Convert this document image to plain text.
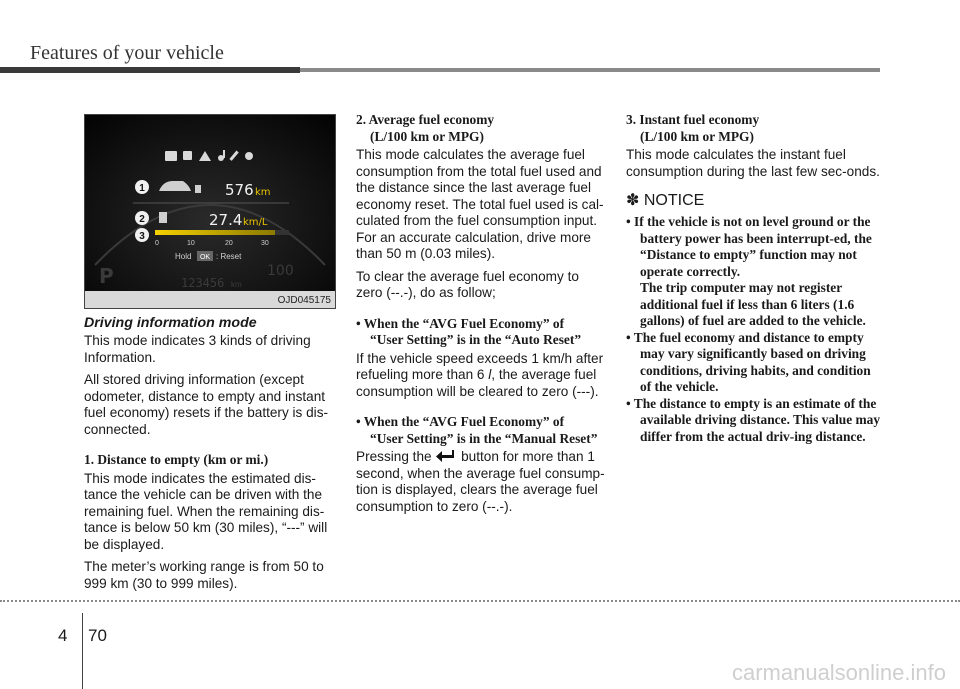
Features of your vehicle
1	576 km
2	27.4 km/L
3
0	10	20	30
Hold OK : Reset
P	123456 km
100
OJD045175

Driving information mode

This mode indicates 3 kinds of driving Information.

All stored driving information (except odometer, distance to empty and instant fuel economy) resets if the battery is dis-connected.

1. Distance to empty (km or mi.)

This mode indicates the estimated dis-tance the vehicle can be driven with the remaining fuel. When the remaining dis-tance is below 50 km (30 miles), “---” will be displayed.

The meter’s working range is from 50 to 999 km (30 to 999 miles).

2. Average fuel economy

(L/100 km or MPG)

This mode calculates the average fuel consumption from the total fuel used and the distance since the last average fuel economy reset. The total fuel used is cal-culated from the fuel consumption input. For an accurate calculation, drive more than 50 m (0.03 miles).

To clear the average fuel economy to zero (--.-), do as follow;

• When the “AVG Fuel Economy” of

“User Setting” is in the “Auto Reset”

If the vehicle speed exceeds 1 km/h after refueling more than 6 l, the average fuel consumption will be cleared to zero (---).

• When the “AVG Fuel Economy” of

“User Setting” is in the “Manual Reset”

Pressing the button for more than 1 second, when the average fuel consump-tion is displayed, clears the average fuel consumption to zero (--.-).

3. Instant fuel economy

(L/100 km or MPG)

This mode calculates the instant fuel consumption during the last few sec-onds.

✽ NOTICE

• If the vehicle is not on level ground or the battery power has been interrupt-ed, the “Distance to empty” function may not operate correctly.

The trip computer may not register additional fuel if less than 6 liters (1.6 gallons) of fuel are added to the vehicle.

• The fuel economy and distance to empty may vary significantly based on driving conditions, driving habits, and condition of the vehicle.

• The distance to empty is an estimate of the available driving distance. This value may differ from the actual driv-ing distance.

4 70
carmanualsonline.info
